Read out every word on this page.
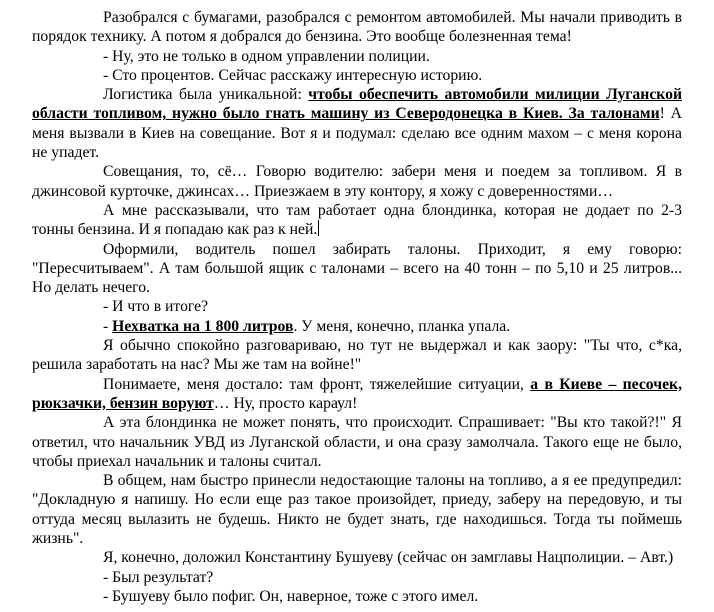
Разобрался с бумагами, разобрался с ремонтом автомобилей. Мы начали приводить в порядок технику. А потом я добрался до бензина. Это вообще болезненная тема!

- Ну, это не только в одном управлении полиции.

- Сто процентов. Сейчас расскажу интересную историю.

Логистика была уникальной: чтобы обеспечить автомобили милиции Луганской области топливом, нужно было гнать машину из Северодонецка в Киев. За талонами! А меня вызвали в Киев на совещание. Вот я и подумал: сделаю все одним махом – с меня корона не упадет.

Совещания, то, сё… Говорю водителю: забери меня и поедем за топливом. Я в джинсовой курточке, джинсах… Приезжаем в эту контору, я хожу с доверенностями…

А мне рассказывали, что там работает одна блондинка, которая не додает по 2-3 тонны бензина. И я попадаю как раз к ней.

Оформили, водитель пошел забирать талоны. Приходит, я ему говорю: "Пересчитываем". А там большой ящик с талонами – всего на 40 тонн – по 5,10 и 25 литров... Но делать нечего.

- И что в итоге?

- Нехватка на 1 800 литров. У меня, конечно, планка упала.

Я обычно спокойно разговариваю, но тут не выдержал и как заору: "Ты что, с*ка, решила заработать на нас? Мы же там на войне!"

Понимаете, меня достало: там фронт, тяжелейшие ситуации, а в Киеве – песочек, рюкзачки, бензин воруют… Ну, просто караул!

А эта блондинка не может понять, что происходит. Спрашивает: "Вы кто такой?!" Я ответил, что начальник УВД из Луганской области, и она сразу замолчала. Такого еще не было, чтобы приехал начальник и талоны считал.

В общем, нам быстро принесли недостающие талоны на топливо, а я ее предупредил: "Докладную я напишу. Но если еще раз такое произойдет, приеду, заберу на передовую, и ты оттуда месяц вылазить не будешь. Никто не будет знать, где находишься. Тогда ты поймешь жизнь".

Я, конечно, доложил Константину Бушуеву (сейчас он замглавы Нацполиции. – Авт.)

- Был результат?

- Бушуеву было пофиг. Он, наверное, тоже с этого имел.
